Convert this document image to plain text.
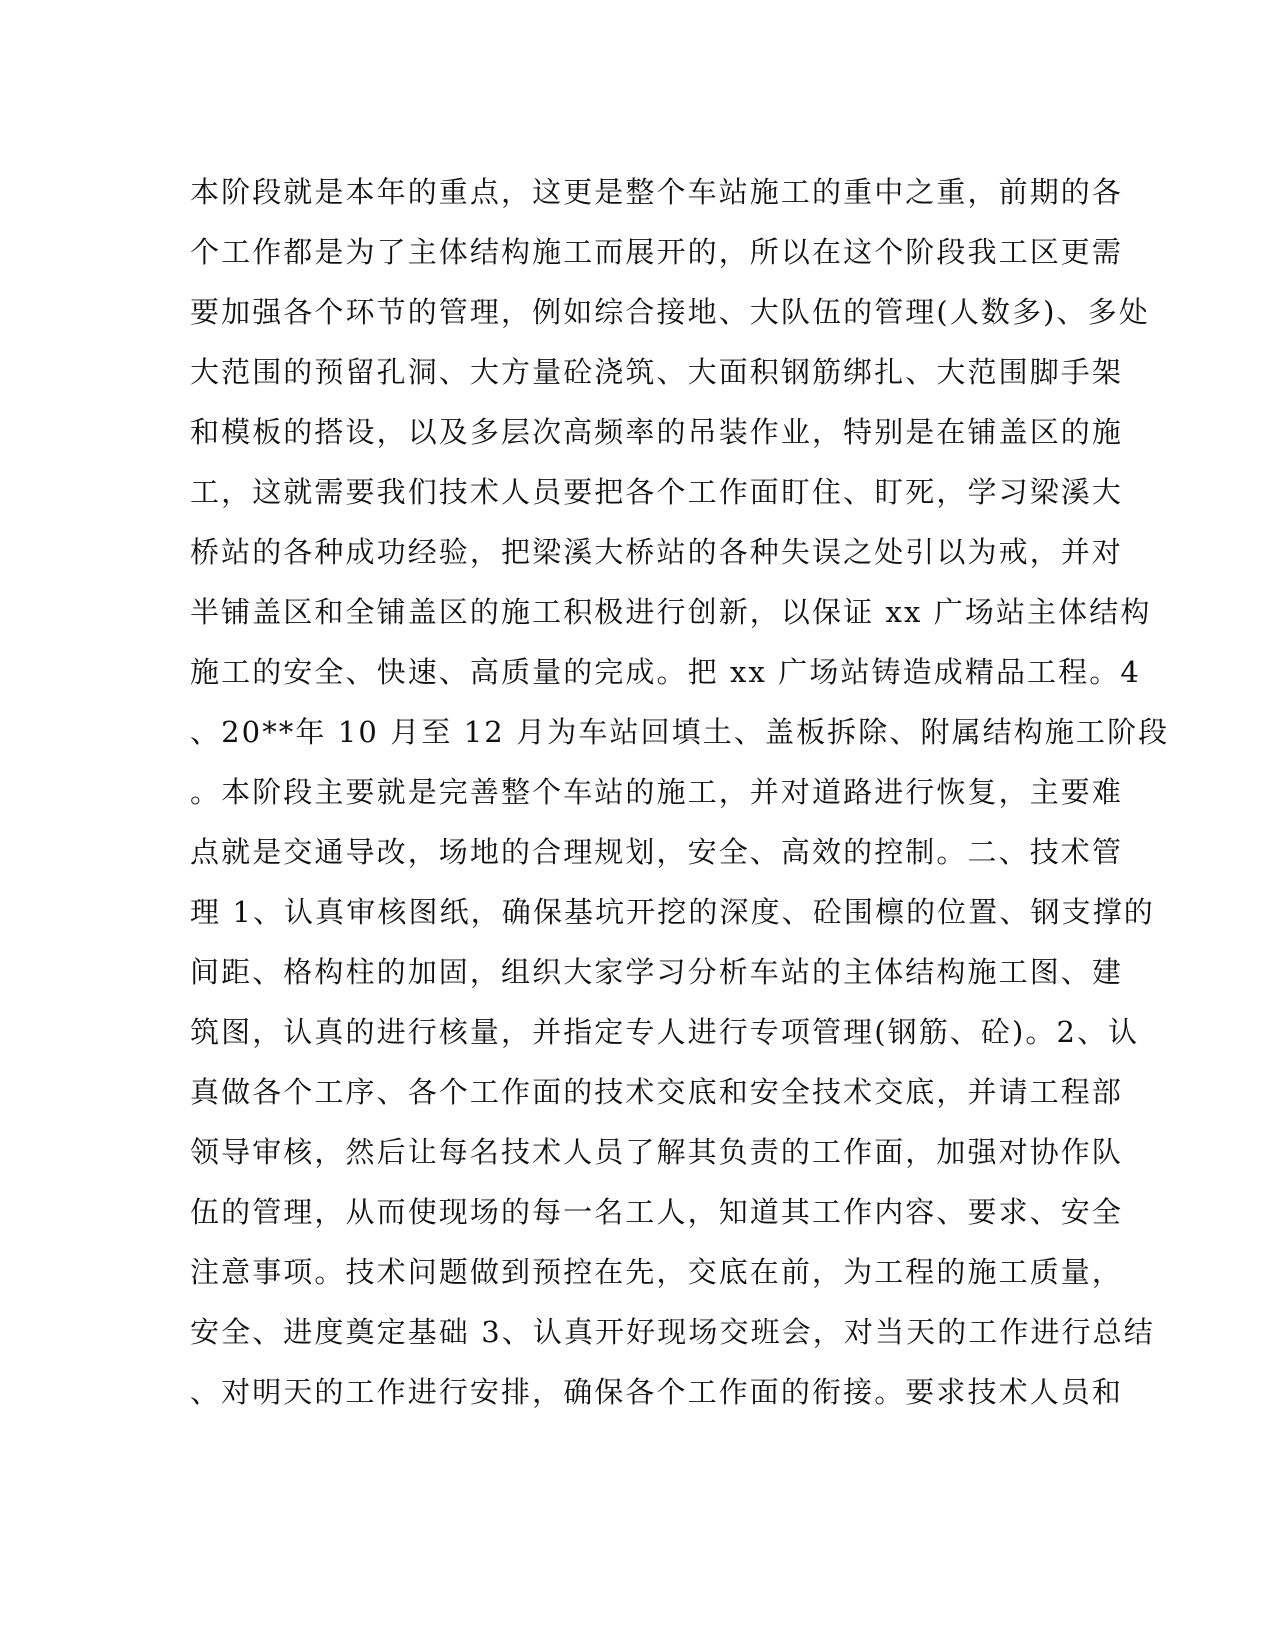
本阶段就是本年的重点，这更是整个车站施工的重中之重，前期的各
个工作都是为了主体结构施工而展开的，所以在这个阶段我工区更需
要加强各个环节的管理，例如综合接地、大队伍的管理(人数多)、多处
大范围的预留孔洞、大方量砼浇筑、大面积钢筋绑扎、大范围脚手架
和模板的搭设，以及多层次高频率的吊装作业，特别是在铺盖区的施
工，这就需要我们技术人员要把各个工作面盯住、盯死，学习梁溪大
桥站的各种成功经验，把梁溪大桥站的各种失误之处引以为戒，并对
半铺盖区和全铺盖区的施工积极进行创新，以保证 xx 广场站主体结构
施工的安全、快速、高质量的完成。把 xx 广场站铸造成精品工程。4
、20**年 10 月至 12 月为车站回填土、盖板拆除、附属结构施工阶段
。本阶段主要就是完善整个车站的施工，并对道路进行恢复，主要难
点就是交通导改，场地的合理规划，安全、高效的控制。二、技术管
理 1、认真审核图纸，确保基坑开挖的深度、砼围檩的位置、钢支撑的
间距、格构柱的加固，组织大家学习分析车站的主体结构施工图、建
筑图，认真的进行核量，并指定专人进行专项管理(钢筋、砼)。2、认
真做各个工序、各个工作面的技术交底和安全技术交底，并请工程部
领导审核，然后让每名技术人员了解其负责的工作面，加强对协作队
伍的管理，从而使现场的每一名工人，知道其工作内容、要求、安全
注意事项。技术问题做到预控在先，交底在前，为工程的施工质量，
安全、进度奠定基础 3、认真开好现场交班会，对当天的工作进行总结
、对明天的工作进行安排，确保各个工作面的衔接。要求技术人员和
